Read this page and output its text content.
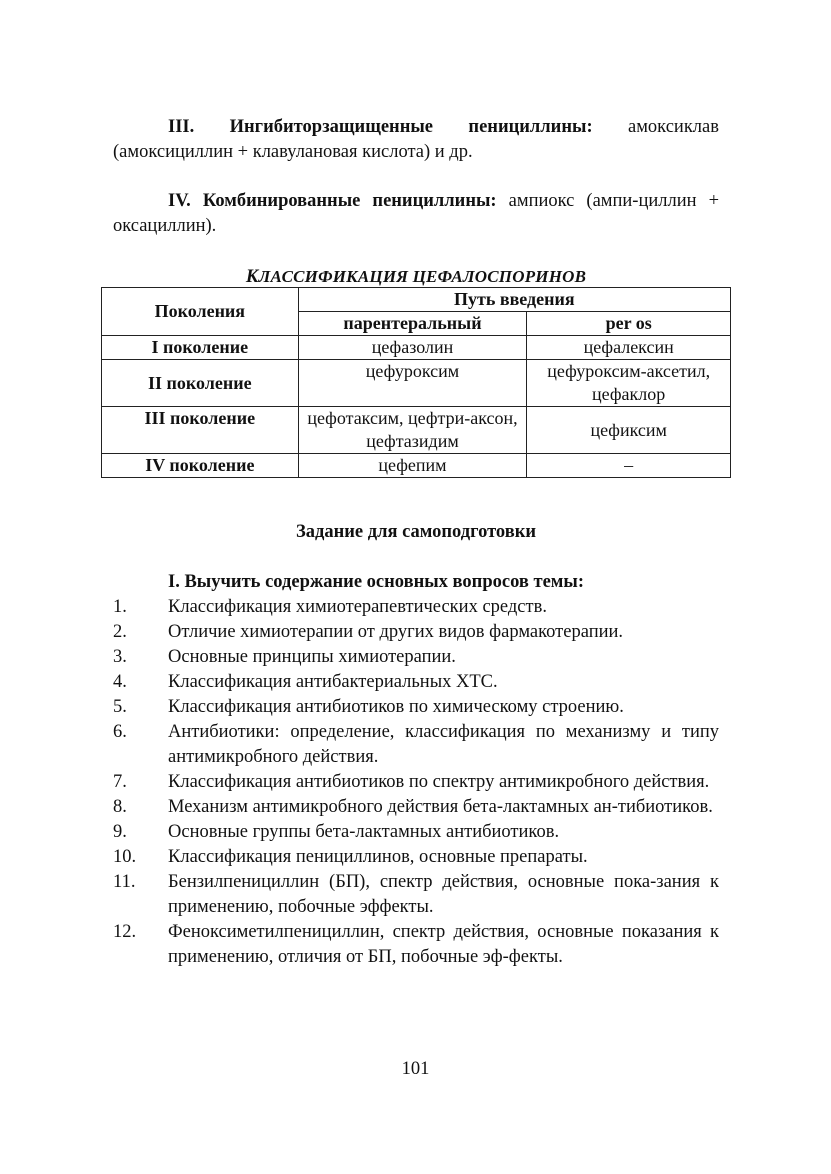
III. Ингибиторзащищенные пенициллины: амоксиклав (амоксициллин + клавулановая кислота) и др.
IV. Комбинированные пенициллины: ампиокс (ампи-циллин + оксациллин).
КЛАССИФИКАЦИЯ ЦЕФАЛОСПОРИНОВ
Поколения	Путь введения	
	парентеральный	per os
I поколение	цефазолин	цефалексин
II поколение	цефуроксим	цефуроксим-аксетил, цефаклор
III поколение	цефотаксим, цефтри-аксон, цефтазидим	цефиксим
IV поколение	цефепим	–
Задание для самоподготовки
I. Выучить содержание основных вопросов темы:
1. Классификация химиотерапевтических средств.
2. Отличие химиотерапии от других видов фармакотерапии.
3. Основные принципы химиотерапии.
4. Классификация антибактериальных ХТС.
5. Классификация антибиотиков по химическому строению.
6. Антибиотики: определение, классификация по механизму и типу антимикробного действия.
7. Классификация антибиотиков по спектру антимикробного действия.
8. Механизм антимикробного действия бета-лактамных ан-тибиотиков.
9. Основные группы бета-лактамных антибиотиков.
10. Классификация пенициллинов, основные препараты.
11. Бензилпенициллин (БП), спектр действия, основные пока-зания к применению, побочные эффекты.
12. Феноксиметилпенициллин, спектр действия, основные показания к применению, отличия от БП, побочные эф-фекты.
101
